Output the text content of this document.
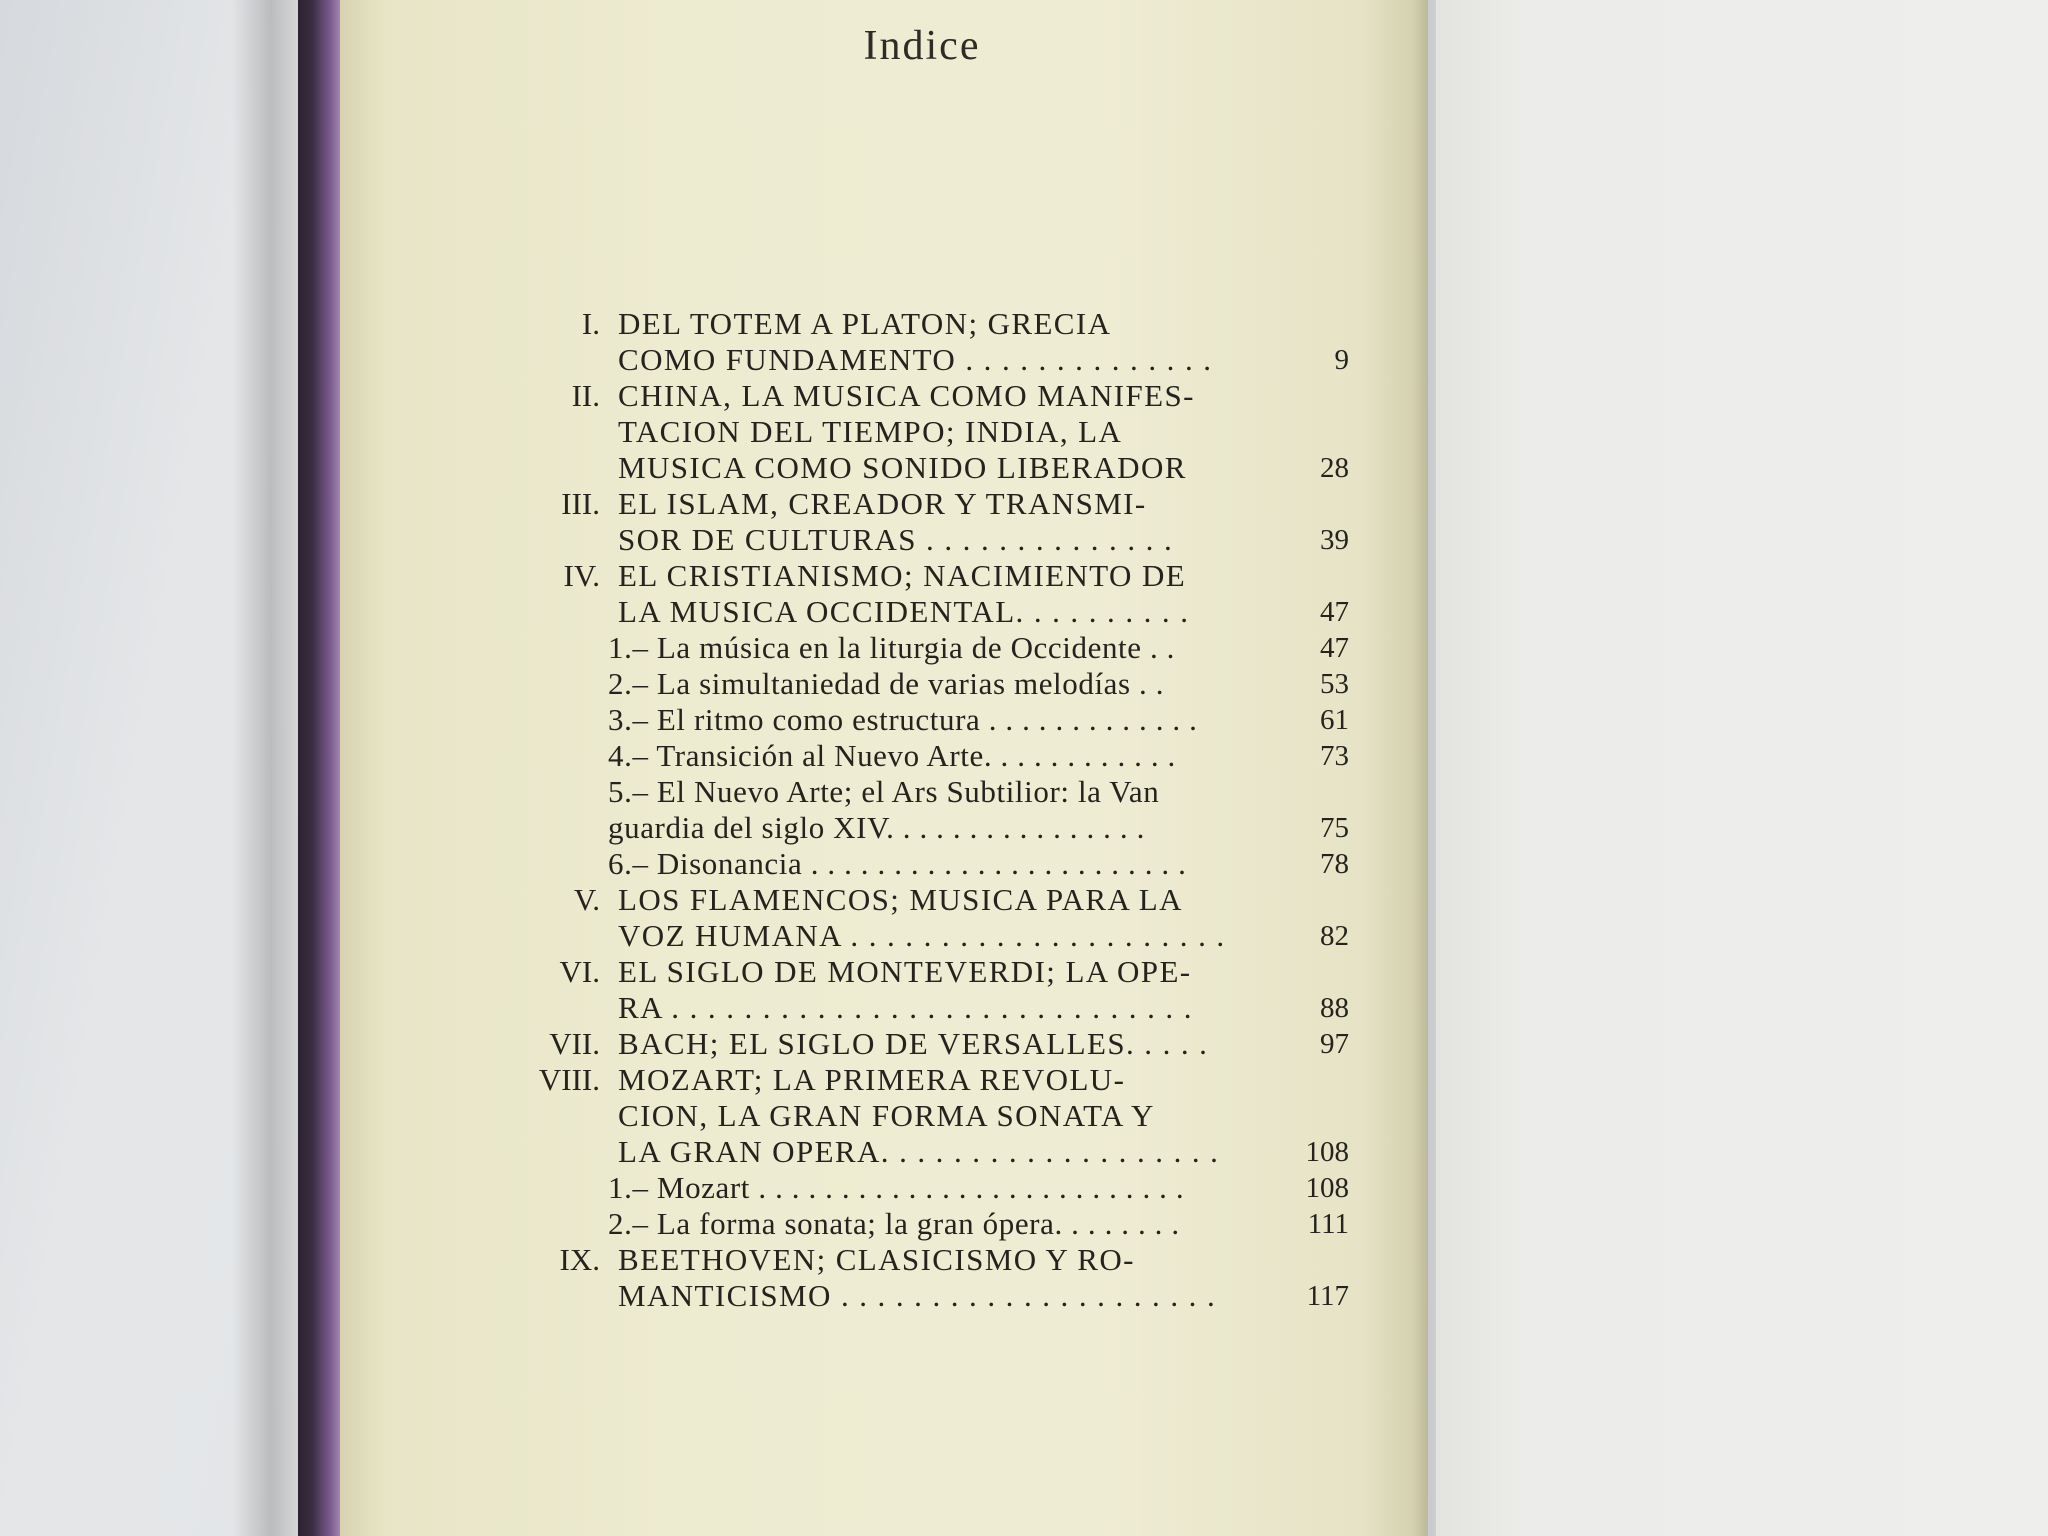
Indice
I. DEL TOTEM A PLATON; GRECIA
COMO FUNDAMENTO . . . . . . . . . . . . . .	9
II. CHINA, LA MUSICA COMO MANIFES-
TACION DEL TIEMPO; INDIA, LA
MUSICA COMO SONIDO LIBERADOR	28
III. EL ISLAM, CREADOR Y TRANSMI-
SOR DE CULTURAS . . . . . . . . . . . . . .	39
IV. EL CRISTIANISMO; NACIMIENTO DE
LA MUSICA OCCIDENTAL. . . . . . . . . .	47
1.– La música en la liturgia de Occidente . .	47
2.– La simultaniedad de varias melodías . .	53
3.– El ritmo como estructura . . . . . . . . . . . . .	61
4.– Transición al Nuevo Arte. . . . . . . . . . . .	73
5.– El Nuevo Arte; el Ars Subtilior: la Van
guardia del siglo XIV. . . . . . . . . . . . . . . .	75
6.– Disonancia . . . . . . . . . . . . . . . . . . . . . . .	78
V. LOS FLAMENCOS; MUSICA PARA LA
VOZ HUMANA . . . . . . . . . . . . . . . . . . . . .	82
VI. EL SIGLO DE MONTEVERDI; LA OPE-
RA . . . . . . . . . . . . . . . . . . . . . . . . . . . . .	88
VII. BACH; EL SIGLO DE VERSALLES. . . . .	97
VIII. MOZART; LA PRIMERA REVOLU-
CION, LA GRAN FORMA SONATA Y
LA GRAN OPERA. . . . . . . . . . . . . . . . . . .	108
1.– Mozart . . . . . . . . . . . . . . . . . . . . . . . . . .	108
2.– La forma sonata; la gran ópera. . . . . . . .	111
IX. BEETHOVEN; CLASICISMO Y RO-
MANTICISMO . . . . . . . . . . . . . . . . . . . . .	117
